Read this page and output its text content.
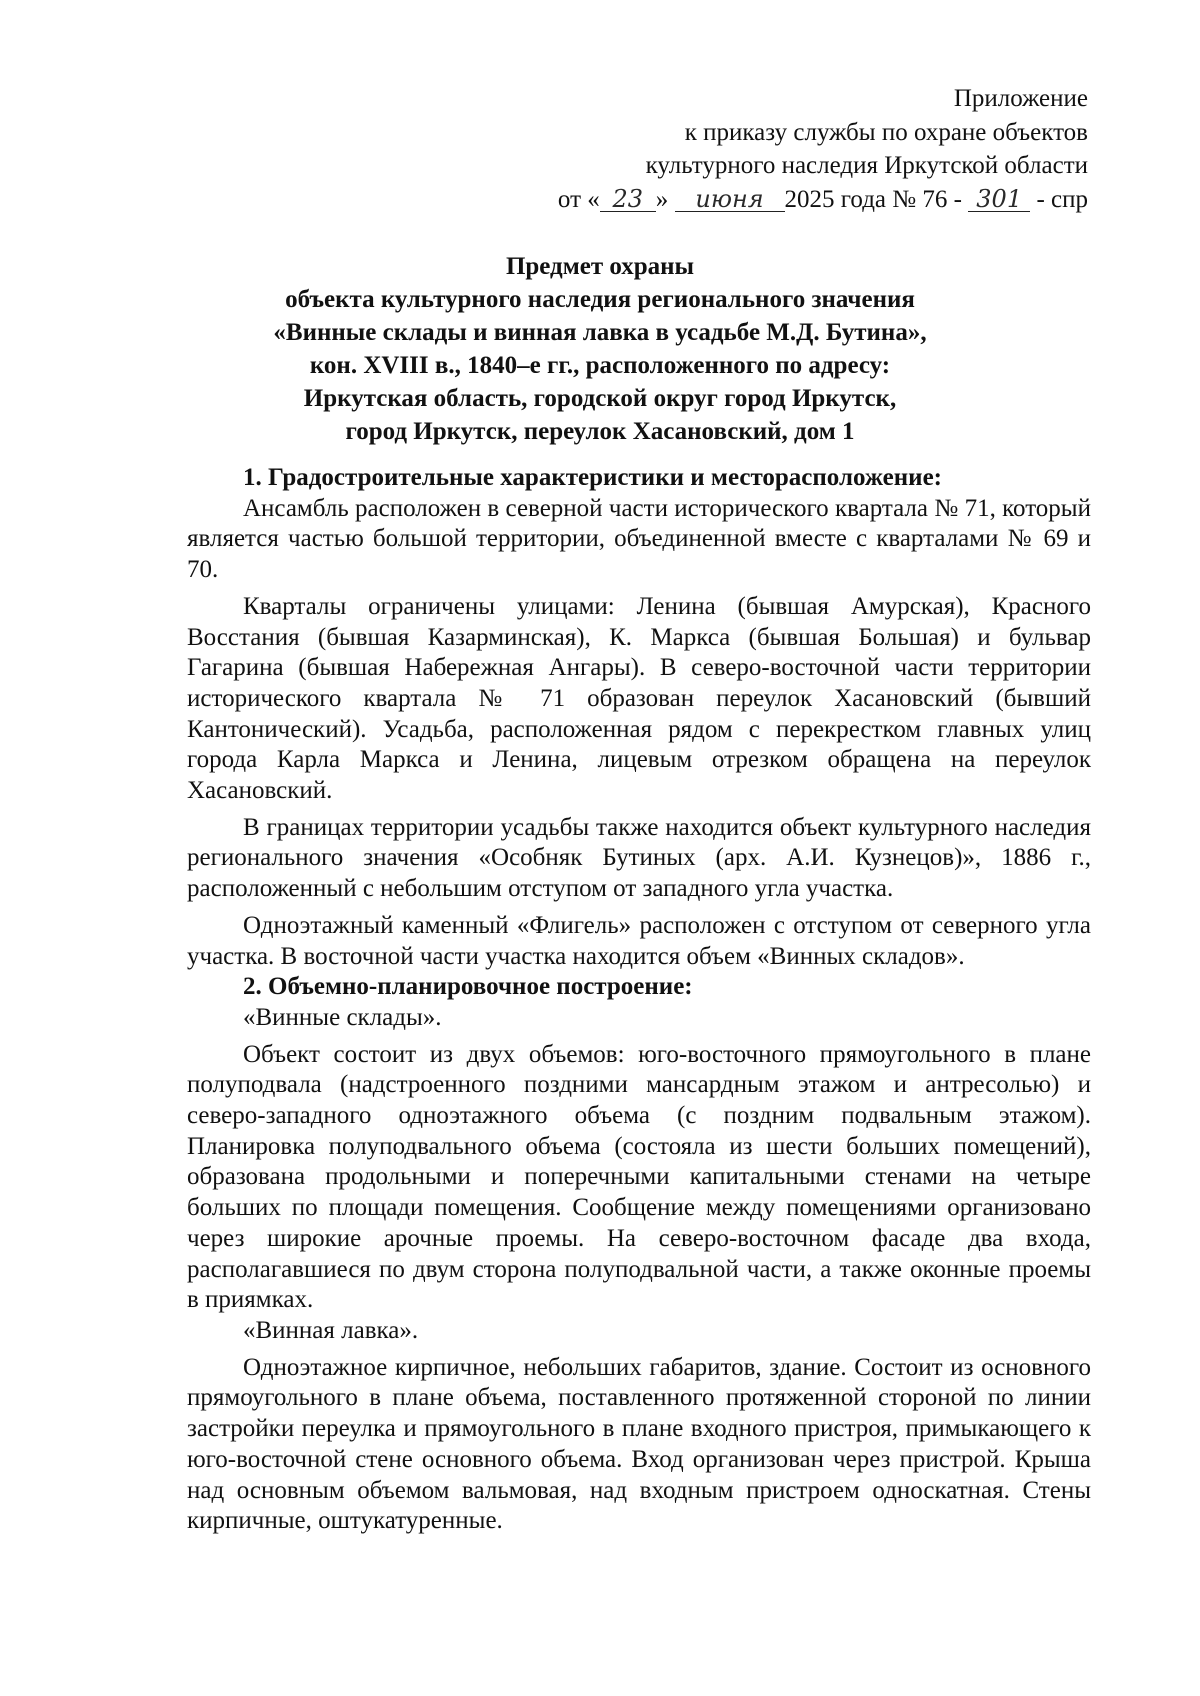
Приложение
к приказу службы по охране объектов
культурного наследия Иркутской области
от « 23 » июня 2025 года № 76 - 301 - спр
Предмет охраны
объекта культурного наследия регионального значения
«Винные склады и винная лавка в усадьбе М.Д. Бутина»,
кон. XVIII в., 1840–е гг., расположенного по адресу:
Иркутская область, городской округ город Иркутск,
город Иркутск, переулок Хасановский, дом 1

1. Градостроительные характеристики и месторасположение:

Ансамбль расположен в северной части исторического квартала № 71, который является частью большой территории, объединенной вместе с кварталами № 69 и 70.

Кварталы ограничены улицами: Ленина (бывшая Амурская), Красного Восстания (бывшая Казарминская), К. Маркса (бывшая Большая) и бульвар Гагарина (бывшая Набережная Ангары). В северо-восточной части территории исторического квартала № 71 образован переулок Хасановский (бывший Кантонический). Усадьба, расположенная рядом с перекрестком главных улиц города Карла Маркса и Ленина, лицевым отрезком обращена на переулок Хасановский.

В границах территории усадьбы также находится объект культурного наследия регионального значения «Особняк Бутиных (арх. А.И. Кузнецов)», 1886 г., расположенный с небольшим отступом от западного угла участка.

Одноэтажный каменный «Флигель» расположен с отступом от северного угла участка. В восточной части участка находится объем «Винных складов».

2. Объемно-планировочное построение:

«Винные склады».

Объект состоит из двух объемов: юго-восточного прямоугольного в плане полуподвала (надстроенного поздними мансардным этажом и антресолью) и северо-западного одноэтажного объема (с поздним подвальным этажом). Планировка полуподвального объема (состояла из шести больших помещений), образована продольными и поперечными капитальными стенами на четыре больших по площади помещения. Сообщение между помещениями организовано через широкие арочные проемы. На северо-восточном фасаде два входа, располагавшиеся по двум сторона полуподвальной части, а также оконные проемы в приямках.

«Винная лавка».

Одноэтажное кирпичное, небольших габаритов, здание. Состоит из основного прямоугольного в плане объема, поставленного протяженной стороной по линии застройки переулка и прямоугольного в плане входного пристроя, примыкающего к юго-восточной стене основного объема. Вход организован через пристрой. Крыша над основным объемом вальмовая, над входным пристроем односкатная. Стены кирпичные, оштукатуренные.
